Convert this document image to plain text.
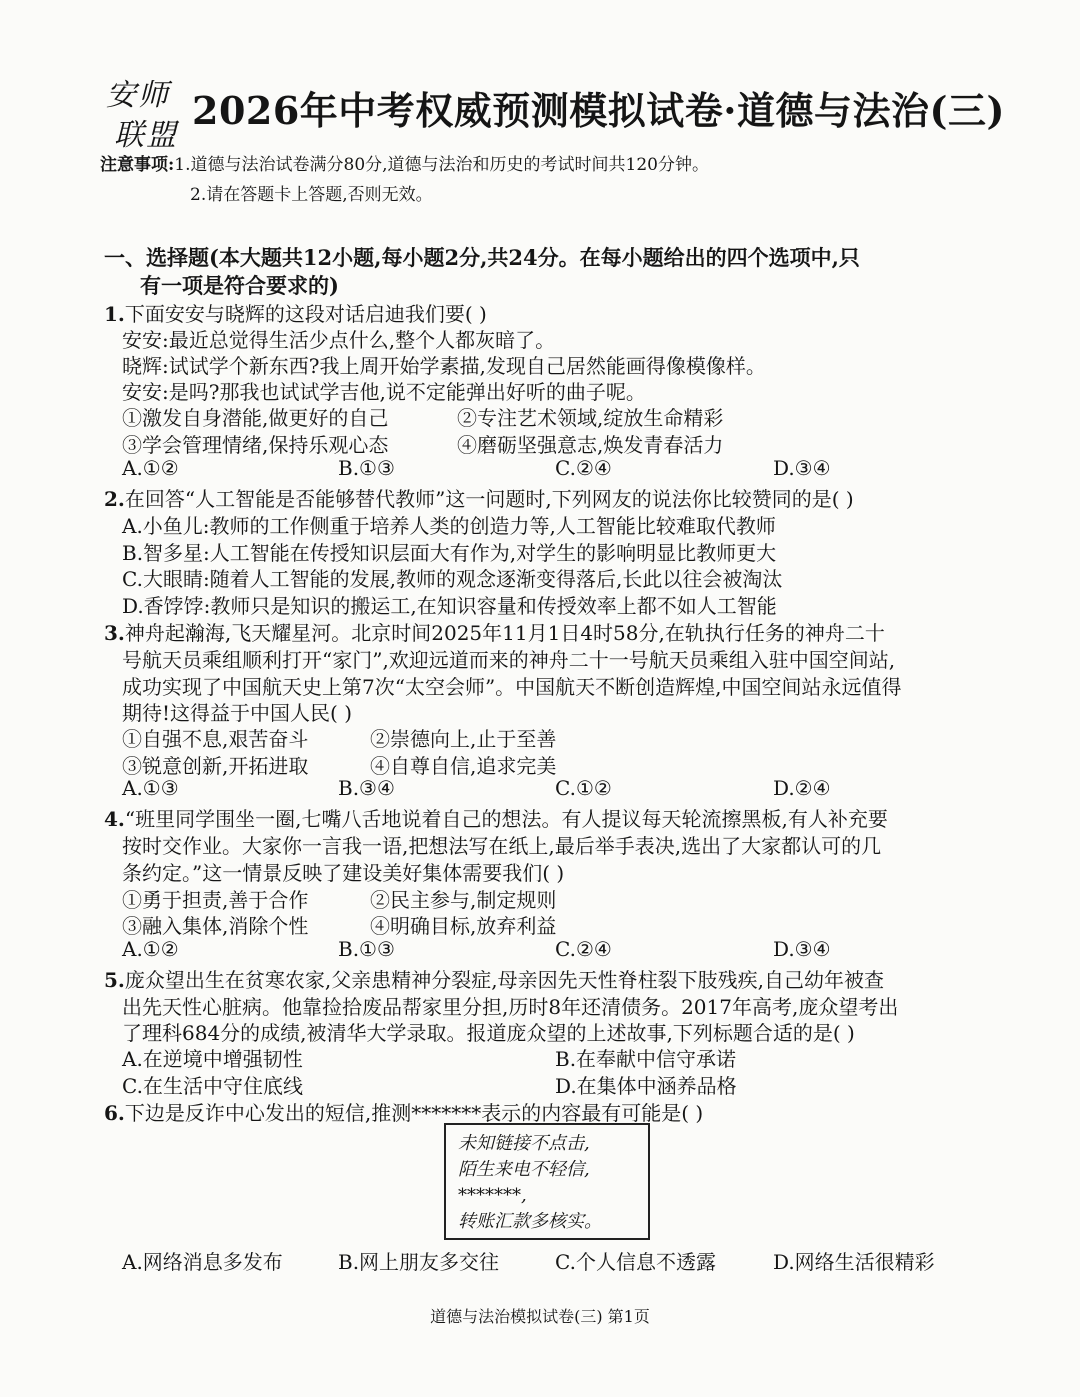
安师
联盟
2026年中考权威预测模拟试卷·道德与法治(三)
注意事项:1.道德与法治试卷满分80分,道德与法治和历史的考试时间共120分钟。
2.请在答题卡上答题,否则无效。
一、选择题(本大题共12小题,每小题2分,共24分。在每小题给出的四个选项中,只
有一项是符合要求的)
1.下面安安与晓辉的这段对话启迪我们要( )
安安:最近总觉得生活少点什么,整个人都灰暗了。
晓辉:试试学个新东西?我上周开始学素描,发现自己居然能画得像模像样。
安安:是吗?那我也试试学吉他,说不定能弹出好听的曲子呢。
①激发自身潜能,做更好的自己	②专注艺术领域,绽放生命精彩
③学会管理情绪,保持乐观心态	④磨砺坚强意志,焕发青春活力
A.①②	B.①③	C.②④	D.③④
2.在回答“人工智能是否能够替代教师”这一问题时,下列网友的说法你比较赞同的是( )
A.小鱼儿:教师的工作侧重于培养人类的创造力等,人工智能比较难取代教师
B.智多星:人工智能在传授知识层面大有作为,对学生的影响明显比教师更大
C.大眼睛:随着人工智能的发展,教师的观念逐渐变得落后,长此以往会被淘汰
D.香饽饽:教师只是知识的搬运工,在知识容量和传授效率上都不如人工智能
3.神舟起瀚海,飞天耀星河。北京时间2025年11月1日4时58分,在轨执行任务的神舟二十
号航天员乘组顺利打开“家门”,欢迎远道而来的神舟二十一号航天员乘组入驻中国空间站,
成功实现了中国航天史上第7次“太空会师”。中国航天不断创造辉煌,中国空间站永远值得
期待!这得益于中国人民( )
①自强不息,艰苦奋斗	②崇德向上,止于至善
③锐意创新,开拓进取	④自尊自信,追求完美
A.①③	B.③④	C.①②	D.②④
4.“班里同学围坐一圈,七嘴八舌地说着自己的想法。有人提议每天轮流擦黑板,有人补充要
按时交作业。大家你一言我一语,把想法写在纸上,最后举手表决,选出了大家都认可的几
条约定。”这一情景反映了建设美好集体需要我们( )
①勇于担责,善于合作	②民主参与,制定规则
③融入集体,消除个性	④明确目标,放弃利益
A.①②	B.①③	C.②④	D.③④
5.庞众望出生在贫寒农家,父亲患精神分裂症,母亲因先天性脊柱裂下肢残疾,自己幼年被查
出先天性心脏病。他靠捡拾废品帮家里分担,历时8年还清债务。2017年高考,庞众望考出
了理科684分的成绩,被清华大学录取。报道庞众望的上述故事,下列标题合适的是( )
A.在逆境中增强韧性	B.在奉献中信守承诺
C.在生活中守住底线	D.在集体中涵养品格
6.下边是反诈中心发出的短信,推测*******表示的内容最有可能是( )
未知链接不点击,
陌生来电不轻信,
*******,
转账汇款多核实。
A.网络消息多发布	B.网上朋友多交往	C.个人信息不透露	D.网络生活很精彩
道德与法治模拟试卷(三) 第1页
